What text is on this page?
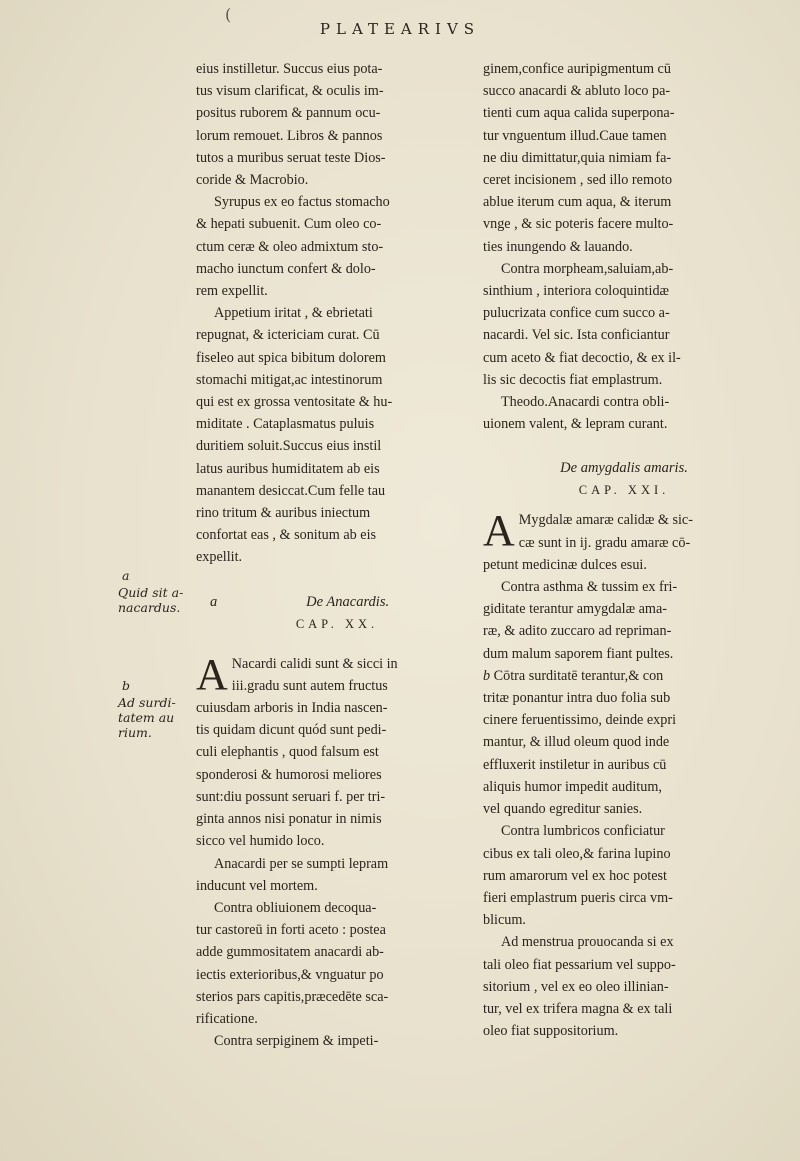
(
PLATEARIVS
a
Quid sit a-nacardus.
b
Ad surdi-tatem au rium.
eius instilletur. Succus eius pota-
tus visum clarificat, & oculis im-
positus ruborem & pannum ocu-
lorum remouet. Libros & pannos
tutos a muribus seruat teste Dios-
coride & Macrobio.
Syrupus ex eo factus stomacho
& hepati subuenit. Cum oleo co-
ctum ceræ & oleo admixtum sto-
macho iunctum confert & dolo-
rem expellit.
Appetium iritat , & ebrietati
repugnat, & ictericiam curat. Cū
fiseleo aut spica bibitum dolorem
stomachi mitigat,ac intestinorum
qui est ex grossa ventositate & hu-
miditate . Cataplasmatus puluis
duritiem soluit.Succus eius instil
latus auribus humiditatem ab eis
manantem desiccat.Cum felle tau
rino tritum & auribus iniectum
confortat eas , & sonitum ab eis
expellit.
a	De Anacardis.
CAP. XX.
A Nacardi calidi sunt & sicci in
iii.gradu sunt autem fructus
cuiusdam arboris in India nascen-
tis quidam dicunt quód sunt pedi-
culi elephantis , quod falsum est
sponderosi & humorosi meliores
sunt:diu possunt seruari f. per tri-
ginta annos nisi ponatur in nimis
sicco vel humido loco.
Anacardi per se sumpti lepram
inducunt vel mortem.
Contra obliuionem decoqua-
tur castoreū in forti aceto : postea
adde gummositatem anacardi ab-
iectis exterioribus,& vnguatur po
sterios pars capitis,præcedēte sca-
rificatione.
Contra serpiginem & impeti-
ginem,confice auripigmentum cū
succo anacardi & abluto loco pa-
tienti cum aqua calida superpona-
tur vnguentum illud.Caue tamen
ne diu dimittatur,quia nimiam fa-
ceret incisionem , sed illo remoto
ablue iterum cum aqua, & iterum
vnge , & sic poteris facere multo-
ties inungendo & lauando.
Contra morpheam,saluiam,ab-
sinthium , interiora coloquintidæ
pulucrizata confice cum succo a-
nacardi. Vel sic. Ista conficiantur
cum aceto & fiat decoctio, & ex il-
lis sic decoctis fiat emplastrum.
Theodo.Anacardi contra obli-
uionem valent, & lepram curant.
De amygdalis amaris.
CAP. XXI.
A Mygdalæ amaræ calidæ & sic-
cæ sunt in ij. gradu amaræ cō-
petunt medicinæ dulces esui.
Contra asthma & tussim ex fri-
giditate terantur amygdalæ ama-
ræ, & adito zuccaro ad repriman-
dum malum saporem fiant pultes.
b Cōtra surditatē terantur,& con
tritæ ponantur intra duo folia sub
cinere feruentissimo, deinde expri
mantur, & illud oleum quod inde
effluxerit instiletur in auribus cū
aliquis humor impedit auditum,
vel quando egreditur sanies.
Contra lumbricos conficiatur
cibus ex tali oleo,& farina lupino
rum amarorum vel ex hoc potest
fieri emplastrum pueris circa vm-
blicum.
Ad menstrua prouocanda si ex
tali oleo fiat pessarium vel suppo-
sitorium , vel ex eo oleo illinian-
tur, vel ex trifera magna & ex tali
oleo fiat suppositorium.
